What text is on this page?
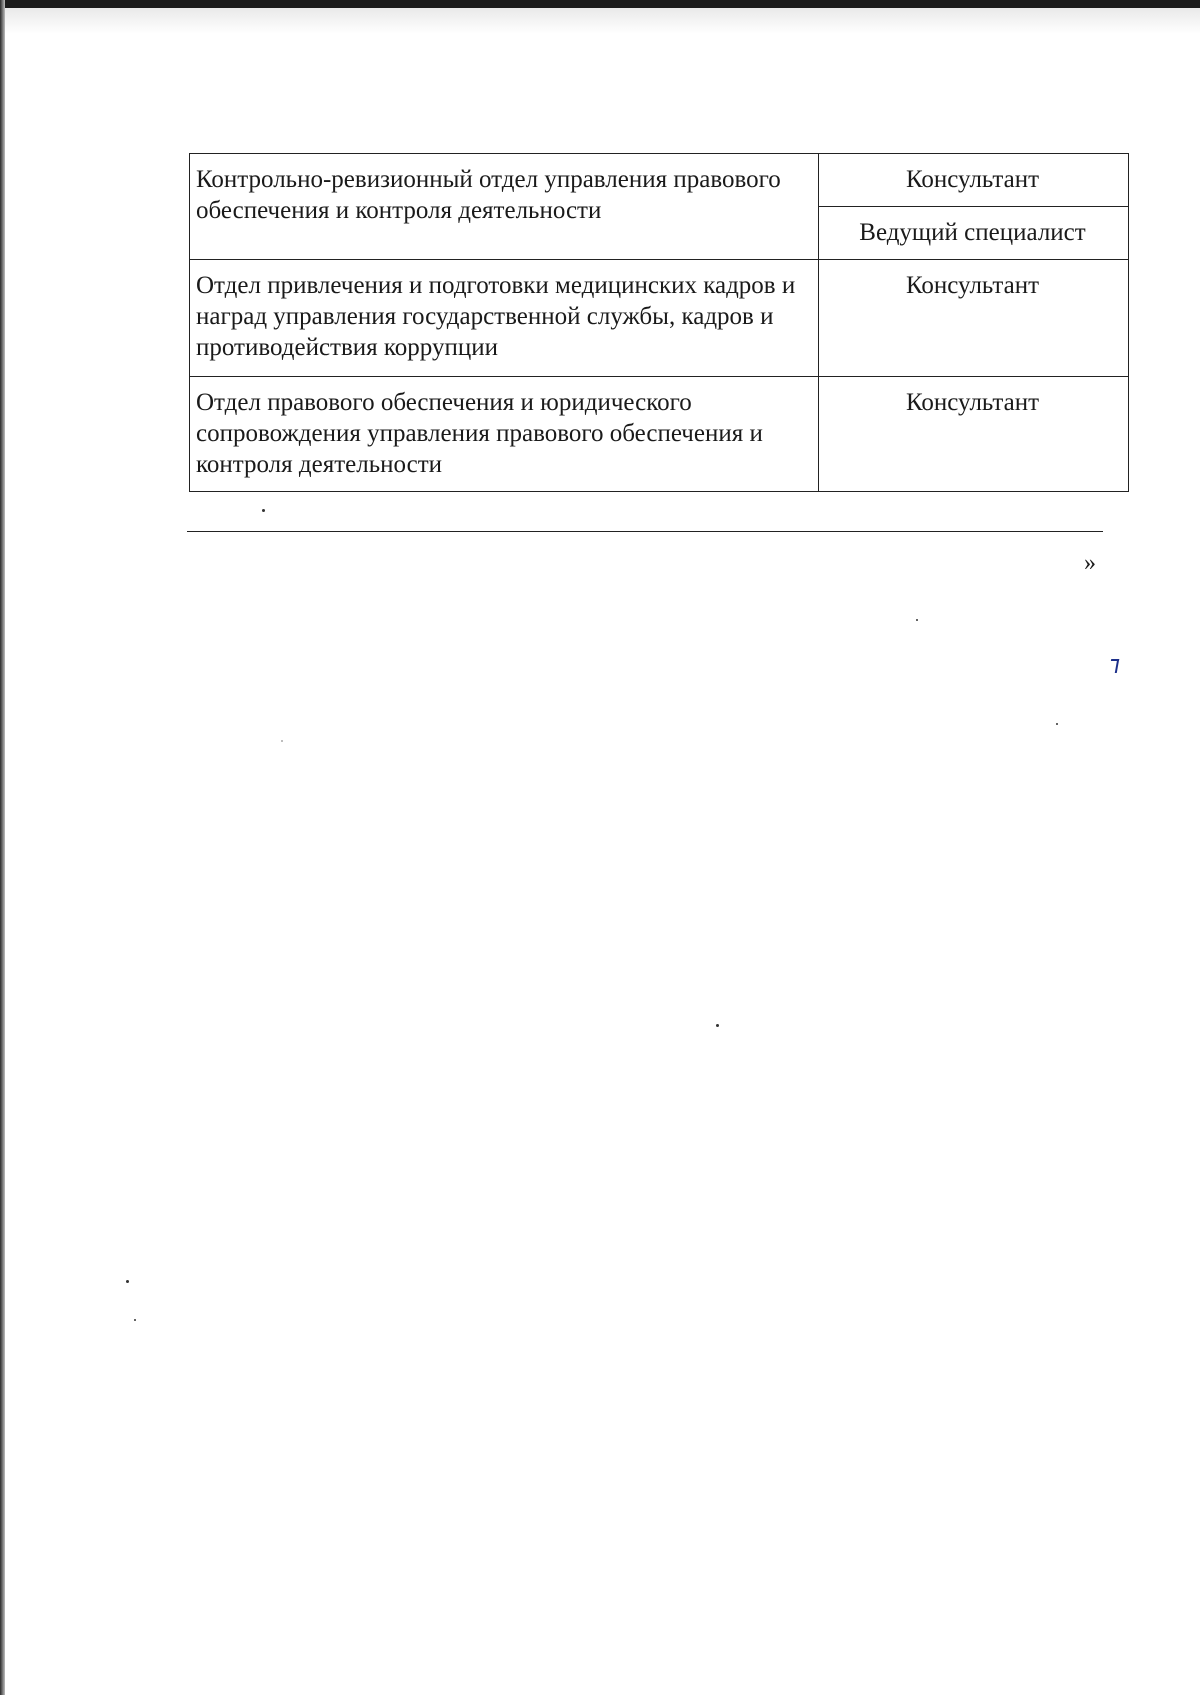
Контрольно-ревизионный отдел управления правового обеспечения и контроля деятельности	Консультант
	Ведущий специалист
Отдел привлечения и подготовки медицинских кадров и наград управления государственной службы, кадров и противодействия коррупции	Консультант
Отдел правового обеспечения и юридического сопровождения управления правового обеспечения и контроля деятельности	Консультант
»
